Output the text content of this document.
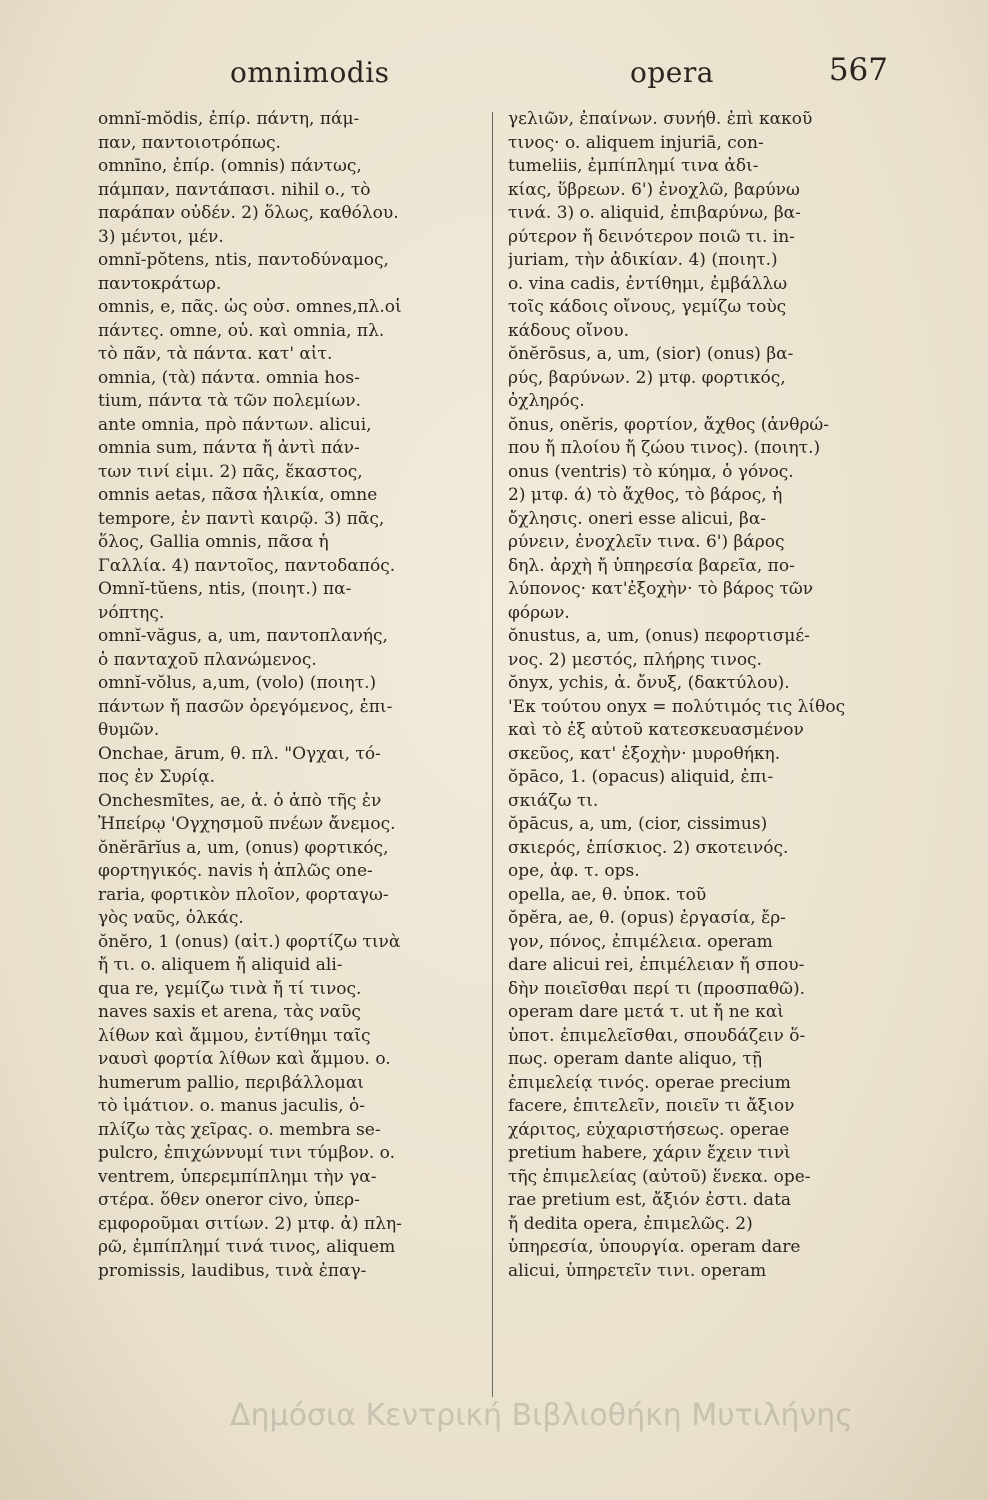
omnimodis	opera	567
omnĭ-mŏdis, ἐπίρ. πάντη, πάμ-
παν, παντοιοτρόπως.
omnīno, ἐπίρ. (omnis) πάντως,
πάμπαν, παντάπασι. nihil o., τὸ
παράπαν οὐδέν. 2) ὅλως, καθόλου.
3) μέντοι, μέν.
omnĭ-pŏtens, ntis, παντοδύναμος,
παντοκράτωρ.
omnis, e, πᾶς. ὡς οὐσ. omnes,πλ.οἱ
πάντες. omne, οὐ. καὶ omnia, πλ.
τὸ πᾶν, τὰ πάντα. κατ' αἰτ.
omnia, (τὰ) πάντα. omnia hos-
tium, πάντα τὰ τῶν πολεμίων.
ante omnia, πρὸ πάντων. alicui,
omnia sum, πάντα ἤ ἀντὶ πάν-
των τινί εἰμι. 2) πᾶς, ἕκαστος,
omnis aetas, πᾶσα ἡλικία, omne
tempore, ἐν παντὶ καιρῷ. 3) πᾶς,
ὅλος, Gallia omnis, πᾶσα ἡ
Γαλλία. 4) παντοῖος, παντοδαπός.
Omnĭ-tŭens, ntis, (ποιητ.) πα-
νόπτης.
omnĭ-văgus, a, um, παντοπλανής,
ὁ πανταχοῦ πλανώμενος.
omnĭ-vŏlus, a,um, (volo) (ποιητ.)
πάντων ἤ πασῶν ὀρεγόμενος, ἐπι-
θυμῶν.
Onchae, ārum, θ. πλ. "Ογχαι, τό-
πος ἐν Συρίᾳ.
Onchesmītes, ae, ἀ. ὁ ἀπὸ τῆς ἐν
Ἠπείρῳ 'Ογχησμοῦ πνέων ἄνεμος.
ŏnĕrārĭus a, um, (onus) φορτικός,
φορτηγικός. navis ἡ ἁπλῶς one-
raria, φορτικὸν πλοῖον, φορταγω-
γὸς ναῦς, ὁλκάς.
ŏnĕro, 1 (onus) (αἰτ.) φορτίζω τινὰ
ἤ τι. o. aliquem ἤ aliquid ali-
qua re, γεμίζω τινὰ ἤ τί τινος.
naves saxis et arena, τὰς ναῦς
λίθων καὶ ἄμμου, ἐντίθημι ταῖς
ναυσὶ φορτία λίθων καὶ ἄμμου. o.
humerum pallio, περιβάλλομαι
τὸ ἱμάτιον. o. manus jaculis, ὁ-
πλίζω τὰς χεῖρας. o. membra se-
pulcro, ἐπιχώννυμί τινι τύμβον. o.
ventrem, ὑπερεμπίπλημι τὴν γα-
στέρα. ὅθεν oneror civo, ὑπερ-
εμφοροῦμαι σιτίων. 2) μτφ. ἀ) πλη-
ρῶ, ἐμπίπλημί τινά τινος, aliquem
promissis, laudibus, τινὰ ἐπαγ-
γελιῶν, ἐπαίνων. συνήθ. ἐπὶ κακοῦ
τινος· o. aliquem injuriā, con-
tumeliis, ἐμπίπλημί τινα ἀδι-
κίας, ὕβρεων. 6') ἐνοχλῶ, βαρύνω
τινά. 3) o. aliquid, ἐπιβαρύνω, βα-
ρύτερον ἤ δεινότερον ποιῶ τι. in-
juriam, τὴν ἀδικίαν. 4) (ποιητ.)
o. vina cadis, ἐντίθημι, ἐμβάλλω
τοῖς κάδοις οἴνους, γεμίζω τοὺς
κάδους οἴνου.
ŏnĕrōsus, a, um, (sior) (onus) βα-
ρύς, βαρύνων. 2) μτφ. φορτικός,
ὀχληρός.
ŏnus, onĕris, φορτίον, ἄχθος (ἀνθρώ-
που ἤ πλοίου ἤ ζώου τινος). (ποιητ.)
onus (ventris) τὸ κύημα, ὁ γόνος.
2) μτφ. ά) τὸ ἄχθος, τὸ βάρος, ἡ
ὄχλησις. oneri esse alicui, βα-
ρύνειν, ἐνοχλεῖν τινα. 6') βάρος
δηλ. ἀρχὴ ἤ ὑπηρεσία βαρεῖα, πο-
λύπονος· κατ'ἐξοχὴν· τὸ βάρος τῶν
φόρων.
ŏnustus, a, um, (onus) πεφορτισμέ-
νος. 2) μεστός, πλήρης τινος.
ŏnyx, ychis, ἀ. ὄνυξ, (δακτύλου).
'Εκ τούτου onyx = πολύτιμός τις λίθος
καὶ τὸ ἐξ αὐτοῦ κατεσκευασμένον
σκεῦος, κατ' ἐξοχὴν· μυροθήκη.
ŏpāco, 1. (opacus) aliquid, ἐπι-
σκιάζω τι.
ŏpācus, a, um, (cior, cissimus)
σκιερός, ἐπίσκιος. 2) σκοτεινός.
ope, ἀφ. τ. ops.
opella, ae, θ. ὑποκ. τοῦ
ŏpĕra, ae, θ. (opus) ἐργασία, ἔρ-
γον, πόνος, ἐπιμέλεια. operam
dare alicui rei, ἐπιμέλειαν ἤ σπου-
δὴν ποιεῖσθαι περί τι (προσπαθῶ).
operam dare μετά τ. ut ἤ ne καὶ
ὑποτ. ἐπιμελεῖσθαι, σπουδάζειν ὅ-
πως. operam dante aliquo, τῇ
ἐπιμελείᾳ τινός. operae precium
facere, ἐπιτελεῖν, ποιεῖν τι ἄξιον
χάριτος, εὐχαριστήσεως. operae
pretium habere, χάριν ἔχειν τινὶ
τῆς ἐπιμελείας (αὐτοῦ) ἕνεκα. ope-
rae pretium est, ἄξιόν ἐστι. data
ἤ dedita opera, ἐπιμελῶς. 2)
ὑπηρεσία, ὑπουργία. operam dare
alicui, ὑπηρετεῖν τινι. operam
Δημόσια Κεντρική Βιβλιοθήκη Μυτιλήνης
